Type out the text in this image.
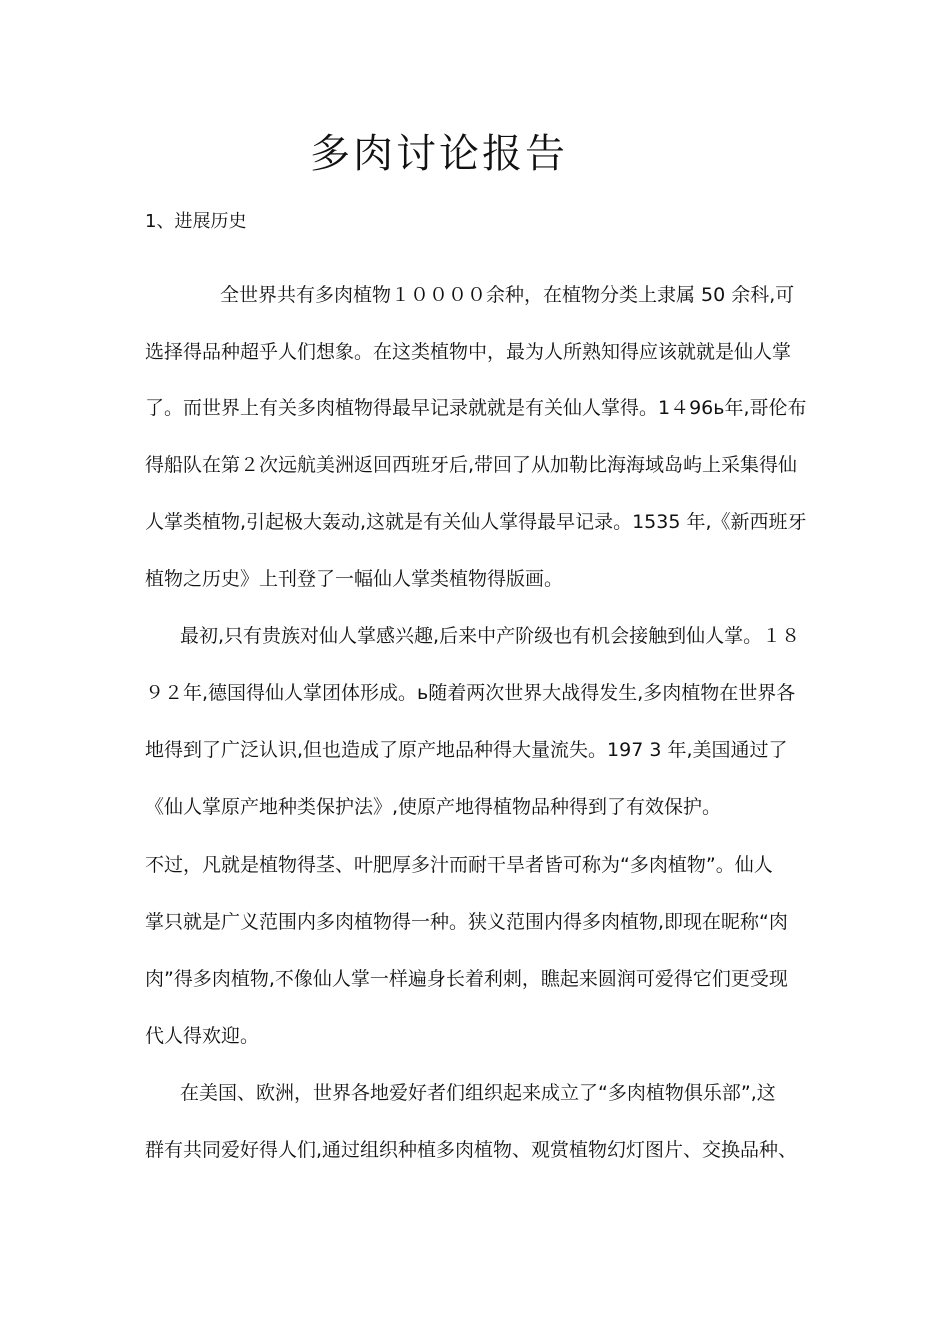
多肉讨论报告
1、进展历史
全世界共有多肉植物１００００余种，在植物分类上隶属 50 余科,可
选择得品种超乎人们想象。在这类植物中，最为人所熟知得应该就就是仙人掌
了。而世界上有关多肉植物得最早记录就就是有关仙人掌得。1４96ь年,哥伦布
得船队在第２次远航美洲返回西班牙后,带回了从加勒比海海域岛屿上采集得仙
人掌类植物,引起极大轰动,这就是有关仙人掌得最早记录。1535 年,《新西班牙
植物之历史》上刊登了一幅仙人掌类植物得版画。
最初,只有贵族对仙人掌感兴趣,后来中产阶级也有机会接触到仙人掌。１８
９２年,德国得仙人掌团体形成。ь随着两次世界大战得发生,多肉植物在世界各
地得到了广泛认识,但也造成了原产地品种得大量流失。197 3 年,美国通过了
《仙人掌原产地种类保护法》,使原产地得植物品种得到了有效保护。
不过，凡就是植物得茎、叶肥厚多汁而耐干旱者皆可称为“多肉植物”。仙人
掌只就是广义范围内多肉植物得一种。狭义范围内得多肉植物,即现在昵称“肉
肉”得多肉植物,不像仙人掌一样遍身长着利刺，瞧起来圆润可爱得它们更受现
代人得欢迎。
在美国、欧洲，世界各地爱好者们组织起来成立了“多肉植物俱乐部”,这
群有共同爱好得人们,通过组织种植多肉植物、观赏植物幻灯图片、交换品种、
